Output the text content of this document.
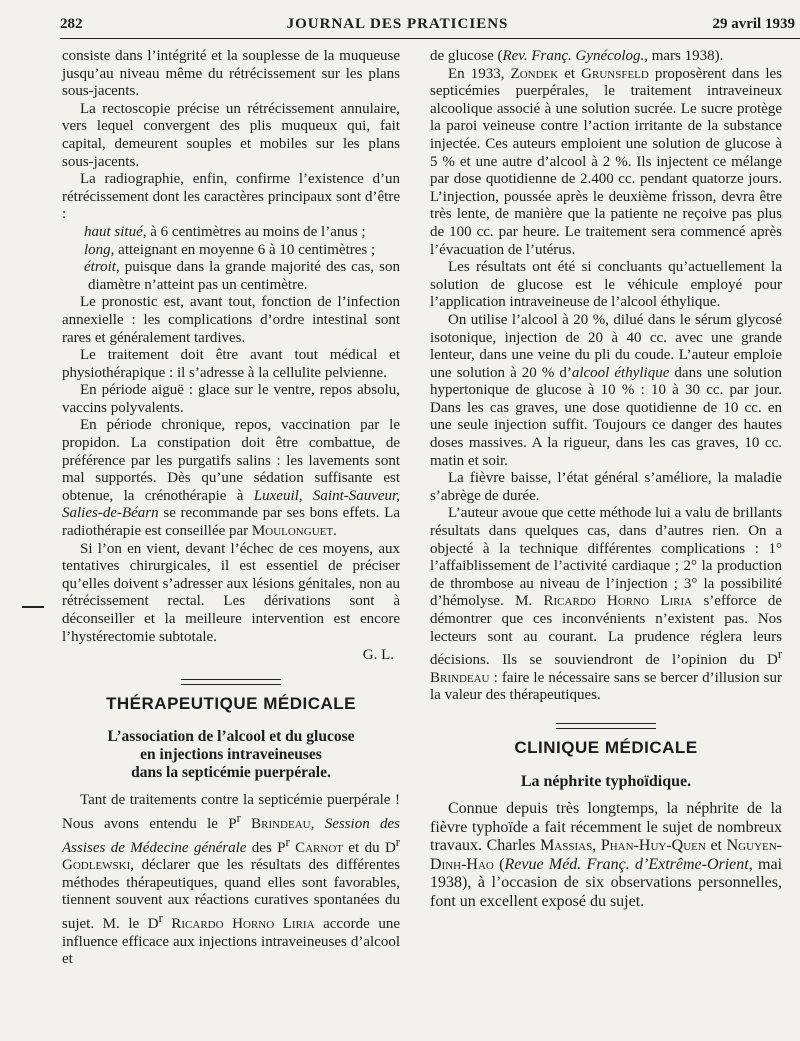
282	JOURNAL DES PRATICIENS	29 avril 1939

consiste dans l’intégrité et la souplesse de la muqueuse jusqu’au niveau même du rétrécissement sur les plans sous-jacents.

La rectoscopie précise un rétrécissement annulaire, vers lequel convergent des plis muqueux qui, fait capital, demeurent souples et mobiles sur les plans sous-jacents.

La radiographie, enfin, confirme l’existence d’un rétrécissement dont les caractères principaux sont d’être :

haut situé, à 6 centimètres au moins de l’anus ;

long, atteignant en moyenne 6 à 10 centimètres ;

étroit, puisque dans la grande majorité des cas, son diamètre n’atteint pas un centimètre.

Le pronostic est, avant tout, fonction de l’infection annexielle : les complications d’ordre intestinal sont rares et généralement tardives.

Le traitement doit être avant tout médical et physiothérapique : il s’adresse à la cellulite pelvienne.

En période aiguë : glace sur le ventre, repos absolu, vaccins polyvalents.

En période chronique, repos, vaccination par le propidon. La constipation doit être combattue, de préférence par les purgatifs salins : les lavements sont mal supportés. Dès qu’une sédation suffisante est obtenue, la crénothérapie à Luxeuil, Saint-Sauveur, Salies-de-Béarn se recommande par ses bons effets. La radiothérapie est conseillée par Moulonguet.

Si l’on en vient, devant l’échec de ces moyens, aux tentatives chirurgicales, il est essentiel de préciser qu’elles doivent s’adresser aux lésions génitales, non au rétrécissement rectal. Les dérivations sont à déconseiller et la meilleure intervention est encore l’hystérectomie subtotale.

G. L.

THÉRAPEUTIQUE MÉDICALE
L’association de l’alcool et du glucose
en injections intraveineuses
dans la septicémie puerpérale.

Tant de traitements contre la septicémie puerpérale ! Nous avons entendu le $P^r$ Brindeau, Session des Assises de Médecine générale des $P^r$ Carnot et du $D^r$ Godlewski, déclarer que les résultats des différentes méthodes thérapeutiques, quand elles sont favorables, tiennent souvent aux réactions curatives spontanées du sujet. M. le $D^r$ Ricardo Horno Liria accorde une influence efficace aux injections intraveineuses d’alcool et

de glucose (Rev. Franç. Gynécolog., mars 1938).

En 1933, Zondek et Grunsfeld proposèrent dans les septicémies puerpérales, le traitement intraveineux alcoolique associé à une solution sucrée. Le sucre protège la paroi veineuse contre l’action irritante de la substance injectée. Ces auteurs emploient une solution de glucose à 5 % et une autre d’alcool à 2 %. Ils injectent ce mélange par dose quotidienne de 2.400 cc. pendant quatorze jours. L’injection, poussée après le deuxième frisson, devra être très lente, de manière que la patiente ne reçoive pas plus de 100 cc. par heure. Le traitement sera commencé après l’évacuation de l’utérus.

Les résultats ont été si concluants qu’actuellement la solution de glucose est le véhicule employé pour l’application intraveineuse de l’alcool éthylique.

On utilise l’alcool à 20 %, dilué dans le sérum glycosé isotonique, injection de 20 à 40 cc. avec une grande lenteur, dans une veine du pli du coude. L’auteur emploie une solution à 20 % d’alcool éthylique dans une solution hypertonique de glucose à 10 % : 10 à 30 cc. par jour. Dans les cas graves, une dose quotidienne de 10 cc. en une seule injection suffit. Toujours ce danger des hautes doses massives. A la rigueur, dans les cas graves, 10 cc. matin et soir.

La fièvre baisse, l’état général s’améliore, la maladie s’abrège de durée.

L’auteur avoue que cette méthode lui a valu de brillants résultats dans quelques cas, dans d’autres rien. On a objecté à la technique différentes complications : 1° l’affaiblissement de l’activité cardiaque ; 2° la production de thrombose au niveau de l’injection ; 3° la possibilité d’hémolyse. M. Ricardo Horno Liria s’efforce de démontrer que ces inconvénients n’existent pas. Nos lecteurs sont au courant. La prudence réglera leurs décisions. Ils se souviendront de l’opinion du $D^r$ Brindeau : faire le nécessaire sans se bercer d’illusion sur la valeur des thérapeutiques.

CLINIQUE MÉDICALE
La néphrite typhoïdique.

Connue depuis très longtemps, la néphrite de la fièvre typhoïde a fait récemment le sujet de nombreux travaux. Charles Massias, Phan-Huy-Quen et Nguyen-Dinh-Hao (Revue Méd. Franç. d’Extrême-Orient, mai 1938), à l’occasion de six observations personnelles, font un excellent exposé du sujet.
